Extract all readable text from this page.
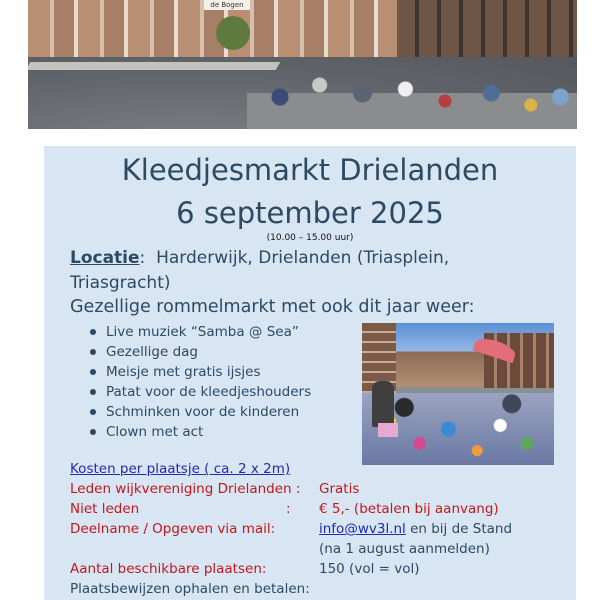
de Bogen
Kleedjesmarkt Drielanden
6 september 2025
(10.00 – 15.00 uur)
Locatie: Harderwijk, Drielanden (Triasplein,
Triasgracht)
Gezellige rommelmarkt met ook dit jaar weer:
Live muziek “Samba @ Sea”
Gezellige dag
Meisje met gratis ijsjes
Patat voor de kleedjeshouders
Schminken voor de kinderen
Clown met act
Kosten per plaatsje ( ca. 2 x 2m)
Leden wijkvereniging Drielanden : Gratis
Niet leden	: € 5,- (betalen bij aanvang)
Deelname / Opgeven via mail:	info@wv3l.nl en bij de Stand
(na 1 august aanmelden)
Aantal beschikbare plaatsen:	150 (vol = vol)
Plaatsbewijzen ophalen en betalen:
